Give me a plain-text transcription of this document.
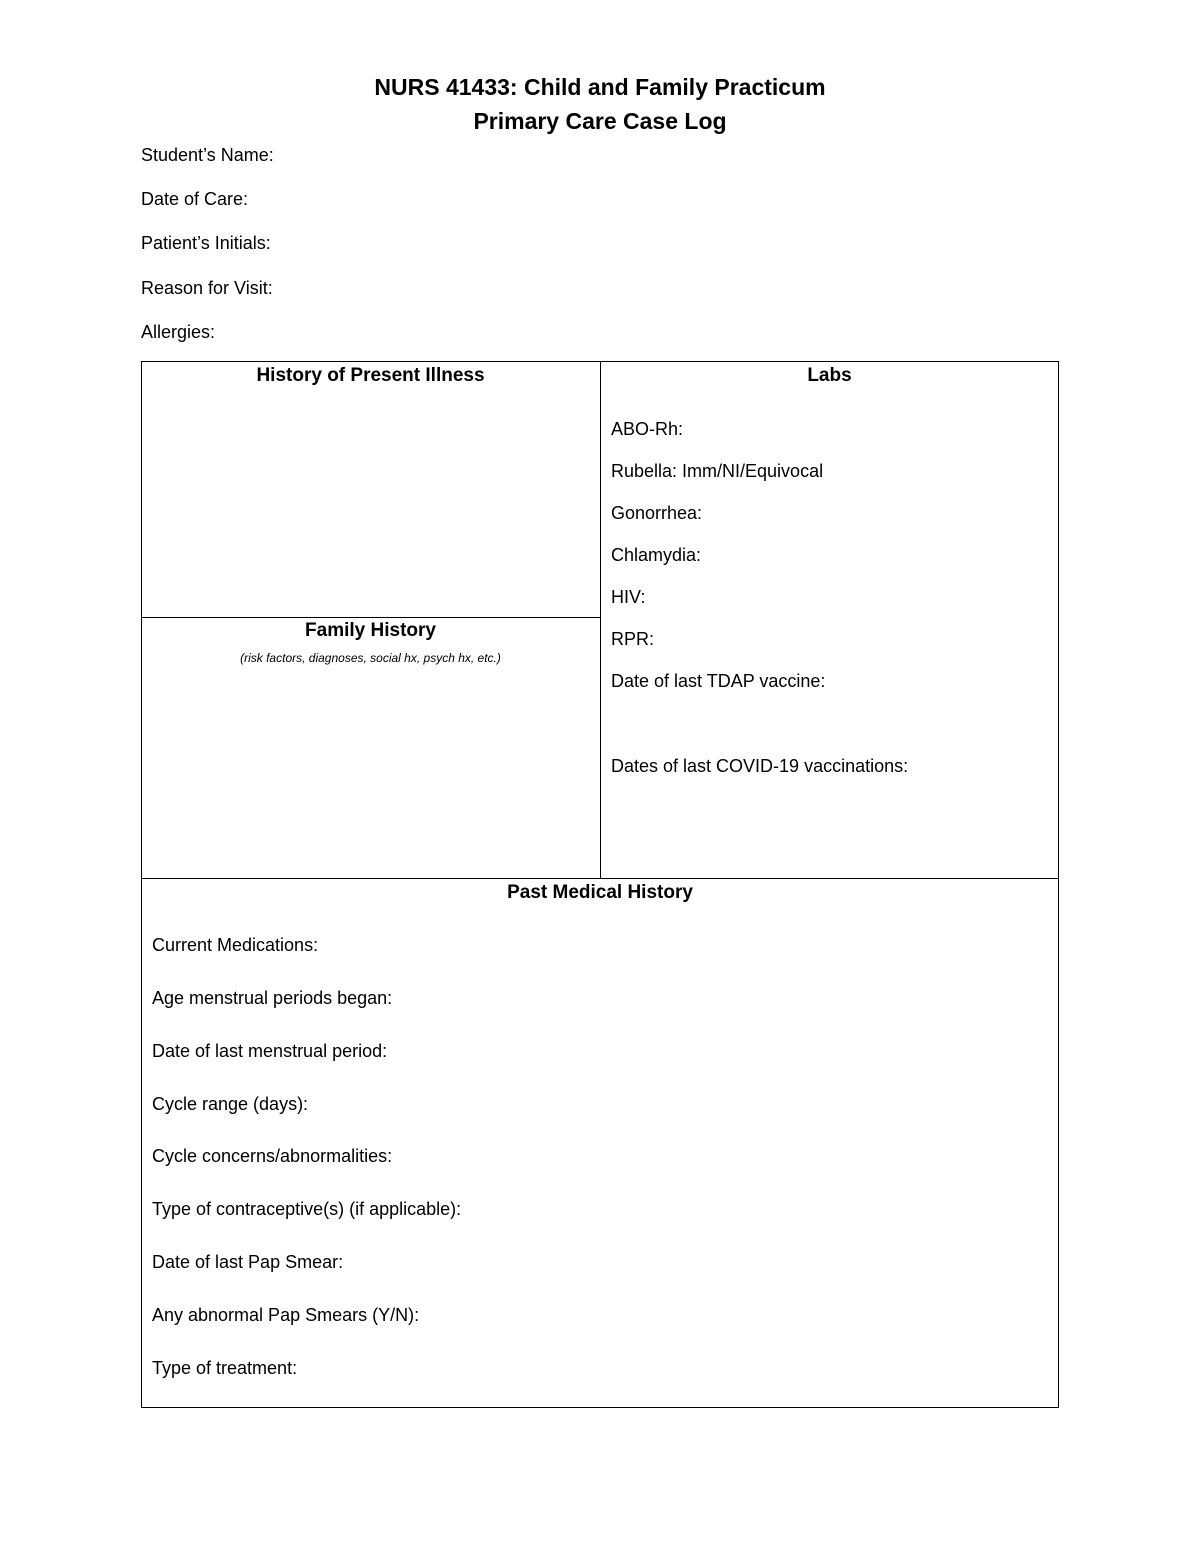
NURS 41433: Child and Family Practicum
Primary Care Case Log
Student’s Name:
Date of Care:
Patient’s Initials:
Reason for Visit:
Allergies:
History of Present Illness
Family History
(risk factors, diagnoses, social hx, psych hx, etc.)
Labs
ABO-Rh:
Rubella: Imm/NI/Equivocal
Gonorrhea:
Chlamydia:
HIV:
RPR:
Date of last TDAP vaccine:
Dates of last COVID-19 vaccinations:
Past Medical History
Current Medications:
Age menstrual periods began:
Date of last menstrual period:
Cycle range (days):
Cycle concerns/abnormalities:
Type of contraceptive(s) (if applicable):
Date of last Pap Smear:
Any abnormal Pap Smears (Y/N):
Type of treatment:
